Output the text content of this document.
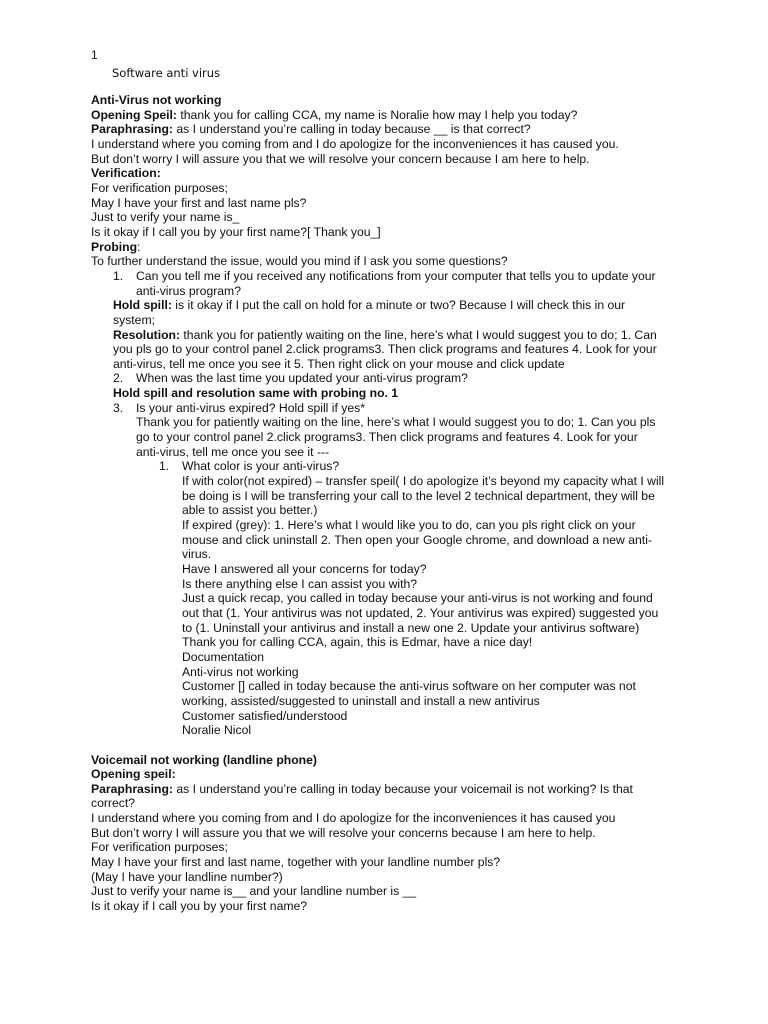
1
Software anti virus
Anti-Virus not working
Opening Speil: thank you for calling CCA, my name is Noralie how may I help you today?
Paraphrasing: as I understand you’re calling in today because __ is that correct?
I understand where you coming from and I do apologize for the inconveniences it has caused you.
But don’t worry I will assure you that we will resolve your concern because I am here to help.
Verification:
For verification purposes;
May I have your first and last name pls?
Just to verify your name is_
Is it okay if I call you by your first name?[ Thank you_]
Probing:
To further understand the issue, would you mind if I ask you some questions?
1. Can you tell me if you received any notifications from your computer that tells you to update your
anti-virus program?
Hold spill: is it okay if I put the call on hold for a minute or two? Because I will check this in our
system;
Resolution: thank you for patiently waiting on the line, here’s what I would suggest you to do; 1. Can
you pls go to your control panel 2.click programs3. Then click programs and features 4. Look for your
anti-virus, tell me once you see it 5. Then right click on your mouse and click update
2. When was the last time you updated your anti-virus program?
Hold spill and resolution same with probing no. 1
3. Is your anti-virus expired? Hold spill if yes*
Thank you for patiently waiting on the line, here’s what I would suggest you to do; 1. Can you pls
go to your control panel 2.click programs3. Then click programs and features 4. Look for your
anti-virus, tell me once you see it ---
1. What color is your anti-virus?
If with color(not expired) – transfer speil( I do apologize it’s beyond my capacity what I will
be doing is I will be transferring your call to the level 2 technical department, they will be
able to assist you better.)
If expired (grey): 1. Here’s what I would like you to do, can you pls right click on your
mouse and click uninstall 2. Then open your Google chrome, and download a new anti-
virus.
Have I answered all your concerns for today?
Is there anything else I can assist you with?
Just a quick recap, you called in today because your anti-virus is not working and found
out that (1. Your antivirus was not updated, 2. Your antivirus was expired) suggested you
to (1. Uninstall your antivirus and install a new one 2. Update your antivirus software)
Thank you for calling CCA, again, this is Edmar, have a nice day!
Documentation
Anti-virus not working
Customer [] called in today because the anti-virus software on her computer was not
working, assisted/suggested to uninstall and install a new antivirus
Customer satisfied/understood
Noralie Nicol
Voicemail not working (landline phone)
Opening speil:
Paraphrasing: as I understand you’re calling in today because your voicemail is not working? Is that
correct?
I understand where you coming from and I do apologize for the inconveniences it has caused you
But don’t worry I will assure you that we will resolve your concerns because I am here to help.
For verification purposes;
May I have your first and last name, together with your landline number pls?
(May I have your landline number?)
Just to verify your name is__ and your landline number is __
Is it okay if I call you by your first name?
